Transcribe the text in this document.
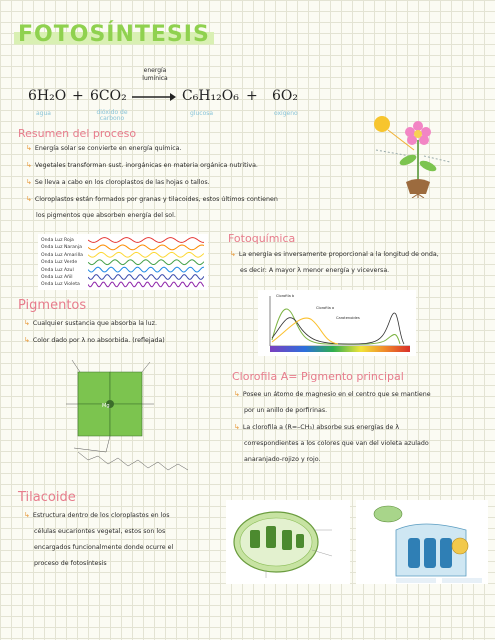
FOTOSÍNTESIS
6H₂O + 6CO₂
energía lumínica
→ C₆H₁₂O₆ + 6O₂
agua	dióxido de carbono
glucosa	oxígeno
Resumen del proceso
↳ Energía solar se convierte en energía química.
↳ Vegetales transforman sust. inorgánicas en materia orgánica nutritiva.
↳ Se lleva a cabo en los cloroplastos de las hojas o tallos.
↳ Cloroplastos están formados por granas y tilacoides, estos últimos contienen
los pigmentos que absorben energía del sol.
Onda Luz Roja
Onda Luz Naranja
Onda Luz Amarilla
Onda Luz Verde
Onda Luz Azul
Onda Luz Añil
Onda Luz Violeta
Fotoquímica
↳ La energía es inversamente proporcional a la longitud de onda,
es decir: A mayor λ menor energía y viceversa.
Clorofila b
Clorofila a
Carotenoides
Pigmentos
↳ Cualquier sustancia que absorba la luz.
↳ Color dado por λ no absorbida. (reflejada)
Mg
Clorofila A= Pigmento principal
↳ Posee un átomo de magnesio en el centro que se mantiene
por un anillo de porfirinas.
↳ La clorofila a (R=–CH₃) absorbe sus energías de λ
correspondientes a los colores que van del violeta azulado
anaranjado-rojizo y rojo.
Tilacoide
↳ Estructura dentro de los cloroplastos en los
células eucariontes vegetal, estos son los
encargados funcionalmente donde ocurre el
proceso de fotosíntesis
